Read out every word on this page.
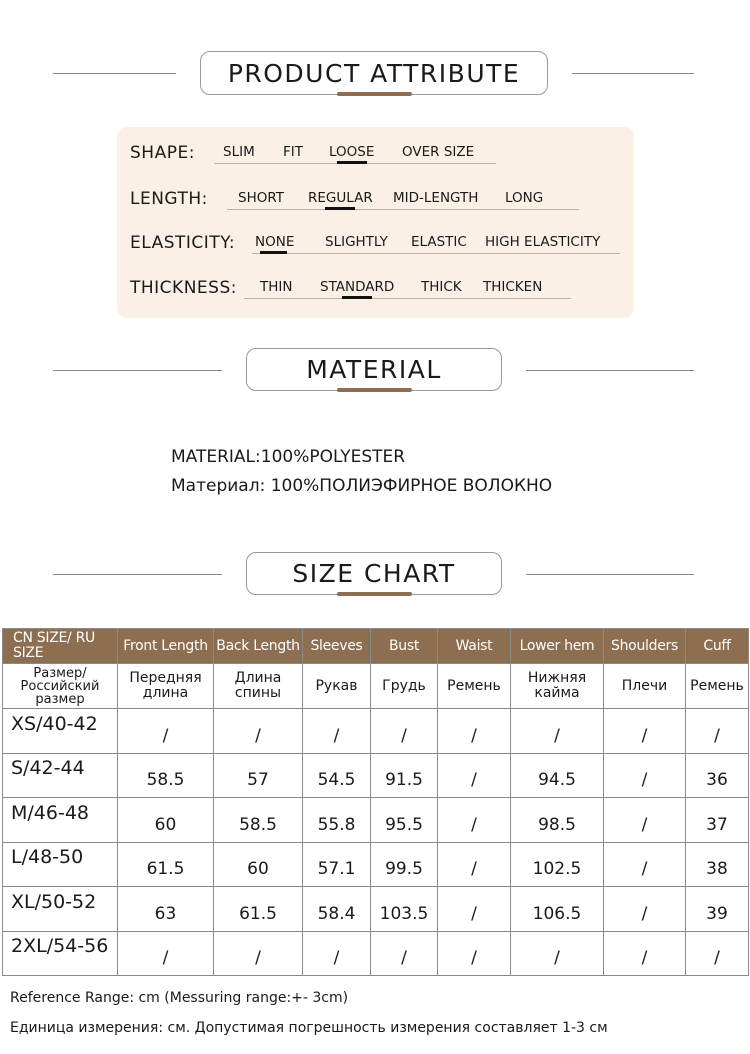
PRODUCT ATTRIBUTE
SHAPE: SLIM FIT LOOSE OVER SIZE
LENGTH: SHORT REGULAR MID-LENGTH LONG
ELASTICITY: NONE SLIGHTLY ELASTIC HIGH ELASTICITY
THICKNESS: THIN STANDARD THICK THICKEN
MATERIAL
MATERIAL:100%POLYESTER
Материал: 100%ПОЛИЭФИРНОЕ ВОЛОКНО
SIZE CHART
CN SIZE/ RU SIZE	Front Length	Back Length	Sleeves	Bust	Waist	Lower hem	Shoulders	Cuff
Размер/ Российский размер	Передняя длина	Длина спины	Рукав	Грудь	Ремень	Нижняя кайма	Плечи	Ремень
XS/40-42	/	/	/	/	/	/	/	/
S/42-44	58.5	57	54.5	91.5	/	94.5	/	36
M/46-48	60	58.5	55.8	95.5	/	98.5	/	37
L/48-50	61.5	60	57.1	99.5	/	102.5	/	38
XL/50-52	63	61.5	58.4	103.5	/	106.5	/	39
2XL/54-56	/	/	/	/	/	/	/	/
Reference Range: cm (Messuring range:+- 3cm)
Единица измерения: см. Допустимая погрешность измерения составляет 1-3 см
